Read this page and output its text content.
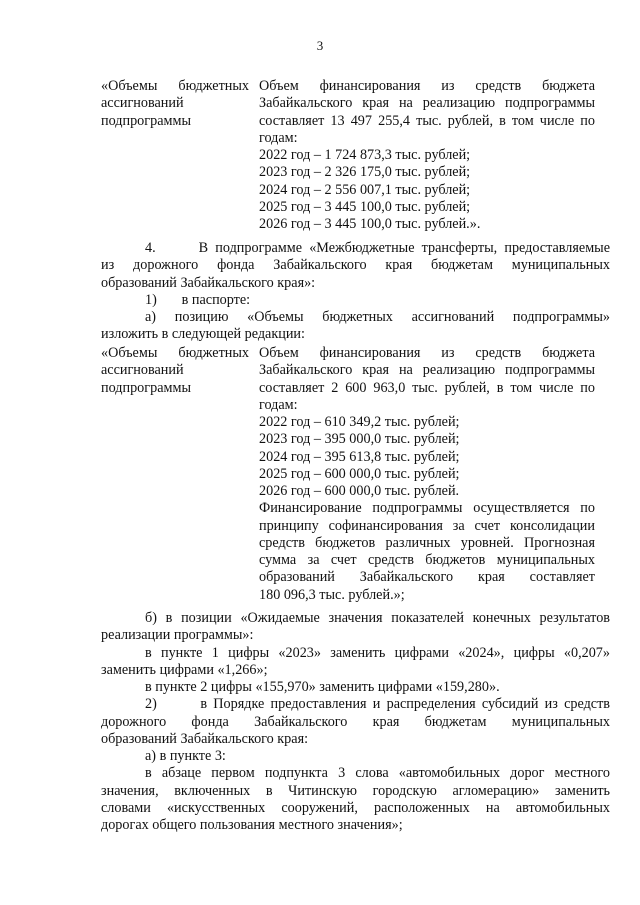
3
«Объемы бюджетных
ассигнований
подпрограммы
Объем финансирования из средств бюджета
Забайкальского края на реализацию подпрограммы
составляет 13 497 255,4 тыс. рублей, в том числе по
годам:
2022 год – 1 724 873,3 тыс. рублей;
2023 год – 2 326 175,0 тыс. рублей;
2024 год – 2 556 007,1 тыс. рублей;
2025 год – 3 445 100,0 тыс. рублей;
2026 год – 3 445 100,0 тыс. рублей.».
4.      В подпрограмме «Межбюджетные трансферты, предоставляемые
из дорожного фонда Забайкальского края бюджетам муниципальных
образований Забайкальского края»:
1)       в паспорте:
а) позицию «Объемы бюджетных ассигнований подпрограммы»
изложить в следующей редакции:
«Объемы бюджетных
ассигнований
подпрограммы
Объем финансирования из средств бюджета
Забайкальского края на реализацию подпрограммы
составляет 2 600 963,0 тыс. рублей, в том числе по
годам:
2022 год – 610 349,2 тыс. рублей;
2023 год – 395 000,0 тыс. рублей;
2024 год – 395 613,8 тыс. рублей;
2025 год – 600 000,0 тыс. рублей;
2026 год – 600 000,0 тыс. рублей.
Финансирование подпрограммы осуществляется по
принципу софинансирования за счет консолидации
средств бюджетов различных уровней. Прогнозная
сумма за счет средств бюджетов муниципальных
образований Забайкальского края составляет
180 096,3 тыс. рублей.»;
б) в позиции «Ожидаемые значения показателей конечных результатов
реализации программы»:
в пункте 1 цифры «2023» заменить цифрами «2024», цифры «0,207»
заменить цифрами «1,266»;
в пункте 2 цифры «155,970» заменить цифрами «159,280».
2)       в Порядке предоставления и распределения субсидий из средств
дорожного фонда Забайкальского края бюджетам муниципальных
образований Забайкальского края:
а) в пункте 3:
в абзаце первом подпункта 3 слова «автомобильных дорог местного
значения, включенных в Читинскую городскую агломерацию» заменить
словами «искусственных сооружений, расположенных на автомобильных
дорогах общего пользования местного значения»;
